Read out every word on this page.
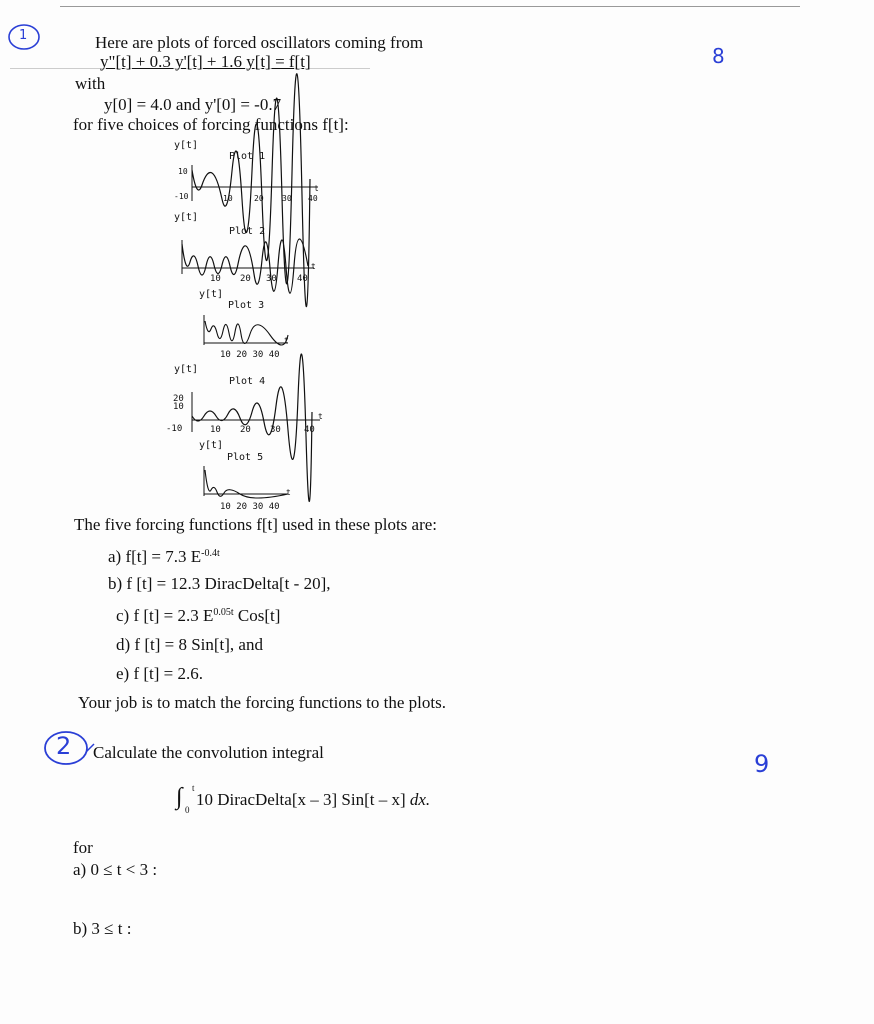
1
8
Here are plots of forced oscillators coming from
y"[t] + 0.3 y'[t] + 1.6 y[t] = f[t]
with
y[0] = 4.0 and y'[0] = -0.7
for five choices of forcing functions f[t]:
y[t]
Plot 1
10
-10
t
10	20 30 40
y[t]
Plot 2
10 20 30 40
t
y[t]
Plot 3
10 20 30 40
t
y[t]
Plot 4
20
10
-10	10 20 30	40
t
y[t]
Plot 5
10 20 30 40
t
The five forcing functions f[t] used in these plots are:
a) f[t] = 7.3 $E^{-0.4t}$
b) f [t] = 12.3 DiracDelta[t - 20],
c) f [t] = 2.3 $E^{0.05t}$ Cos[t]
d) f [t] = 8 Sin[t], and
e) f [t] = 2.6.
Your job is to match the forcing functions to the plots.
2
9
Calculate the convolution integral
∫ t
0
10 DiracDelta[x – 3] Sin[t – x] dx.
for
a) 0 ≤ t < 3 :
b) 3 ≤ t :
